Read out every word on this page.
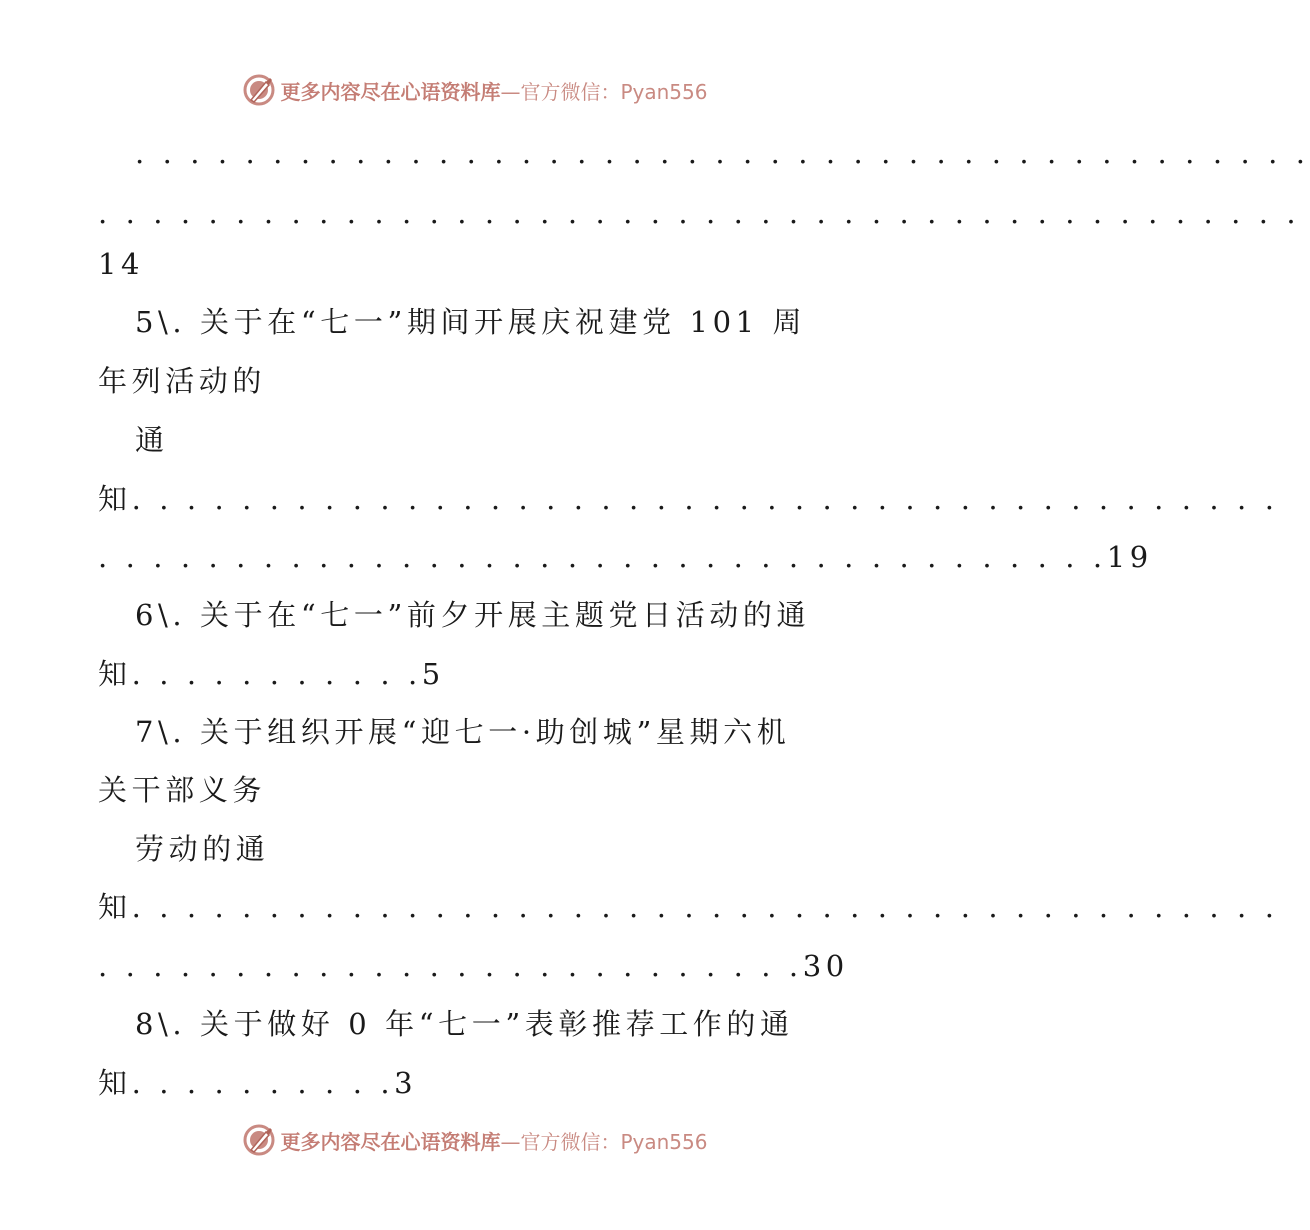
更多内容尽在心语资料库—官方微信：Pyan556
. . . . . . . . . . . . . . . . . . . . . . . . . . . . . . . . . . . . . . . . . . .
. . . . . . . . . . . . . . . . . . . . . . . . . . . . . . . . . . . . . . . . . . . .
14
5\. 关于在“七一”期间开展庆祝建党 101 周
年列活动的
通
知. . . . . . . . . . . . . . . . . . . . . . . . . . . . . . . . . . . . . . . . . .
. . . . . . . . . . . . . . . . . . . . . . . . . . . . . . . . . . . . .19
6\. 关于在“七一”前夕开展主题党日活动的通
知. . . . . . . . . . .5
7\. 关于组织开展“迎七一·助创城”星期六机
关干部义务
劳动的通
知. . . . . . . . . . . . . . . . . . . . . . . . . . . . . . . . . . . . . . . . . .
. . . . . . . . . . . . . . . . . . . . . . . . . .30
8\. 关于做好 0 年“七一”表彰推荐工作的通
知. . . . . . . . . .3
更多内容尽在心语资料库—官方微信：Pyan556
